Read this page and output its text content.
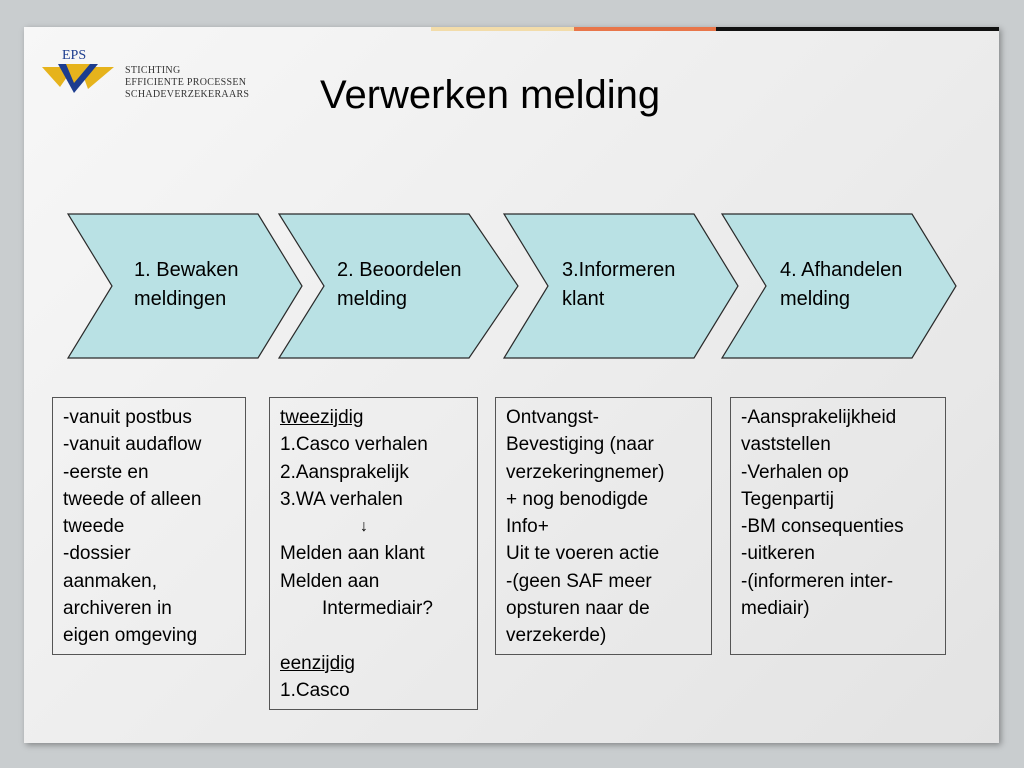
EPS
STICHTING
EFFICIENTE PROCESSEN
SCHADEVERZEKERAARS Verwerken melding
1. Bewaken
meldingen
2. Beoordelen
melding
3.Informeren
klant
4. Afhandelen
melding
-vanuit postbus
-vanuit audaflow
-eerste en
tweede of alleen
tweede
-dossier
aanmaken,
archiveren in
eigen omgeving
tweezijdig
1.Casco verhalen
2.Aansprakelijk
3.WA verhalen
↓
Melden aan klant
Melden aan
Intermediair?
eenzijdig
1.Casco
Ontvangst-
Bevestiging (naar
verzekeringnemer)
+ nog benodigde
Info+
Uit te voeren actie
-(geen SAF meer
opsturen naar de
verzekerde)
-Aansprakelijkheid
vaststellen
-Verhalen op
Tegenpartij
-BM consequenties
-uitkeren
-(informeren inter-
mediair)
